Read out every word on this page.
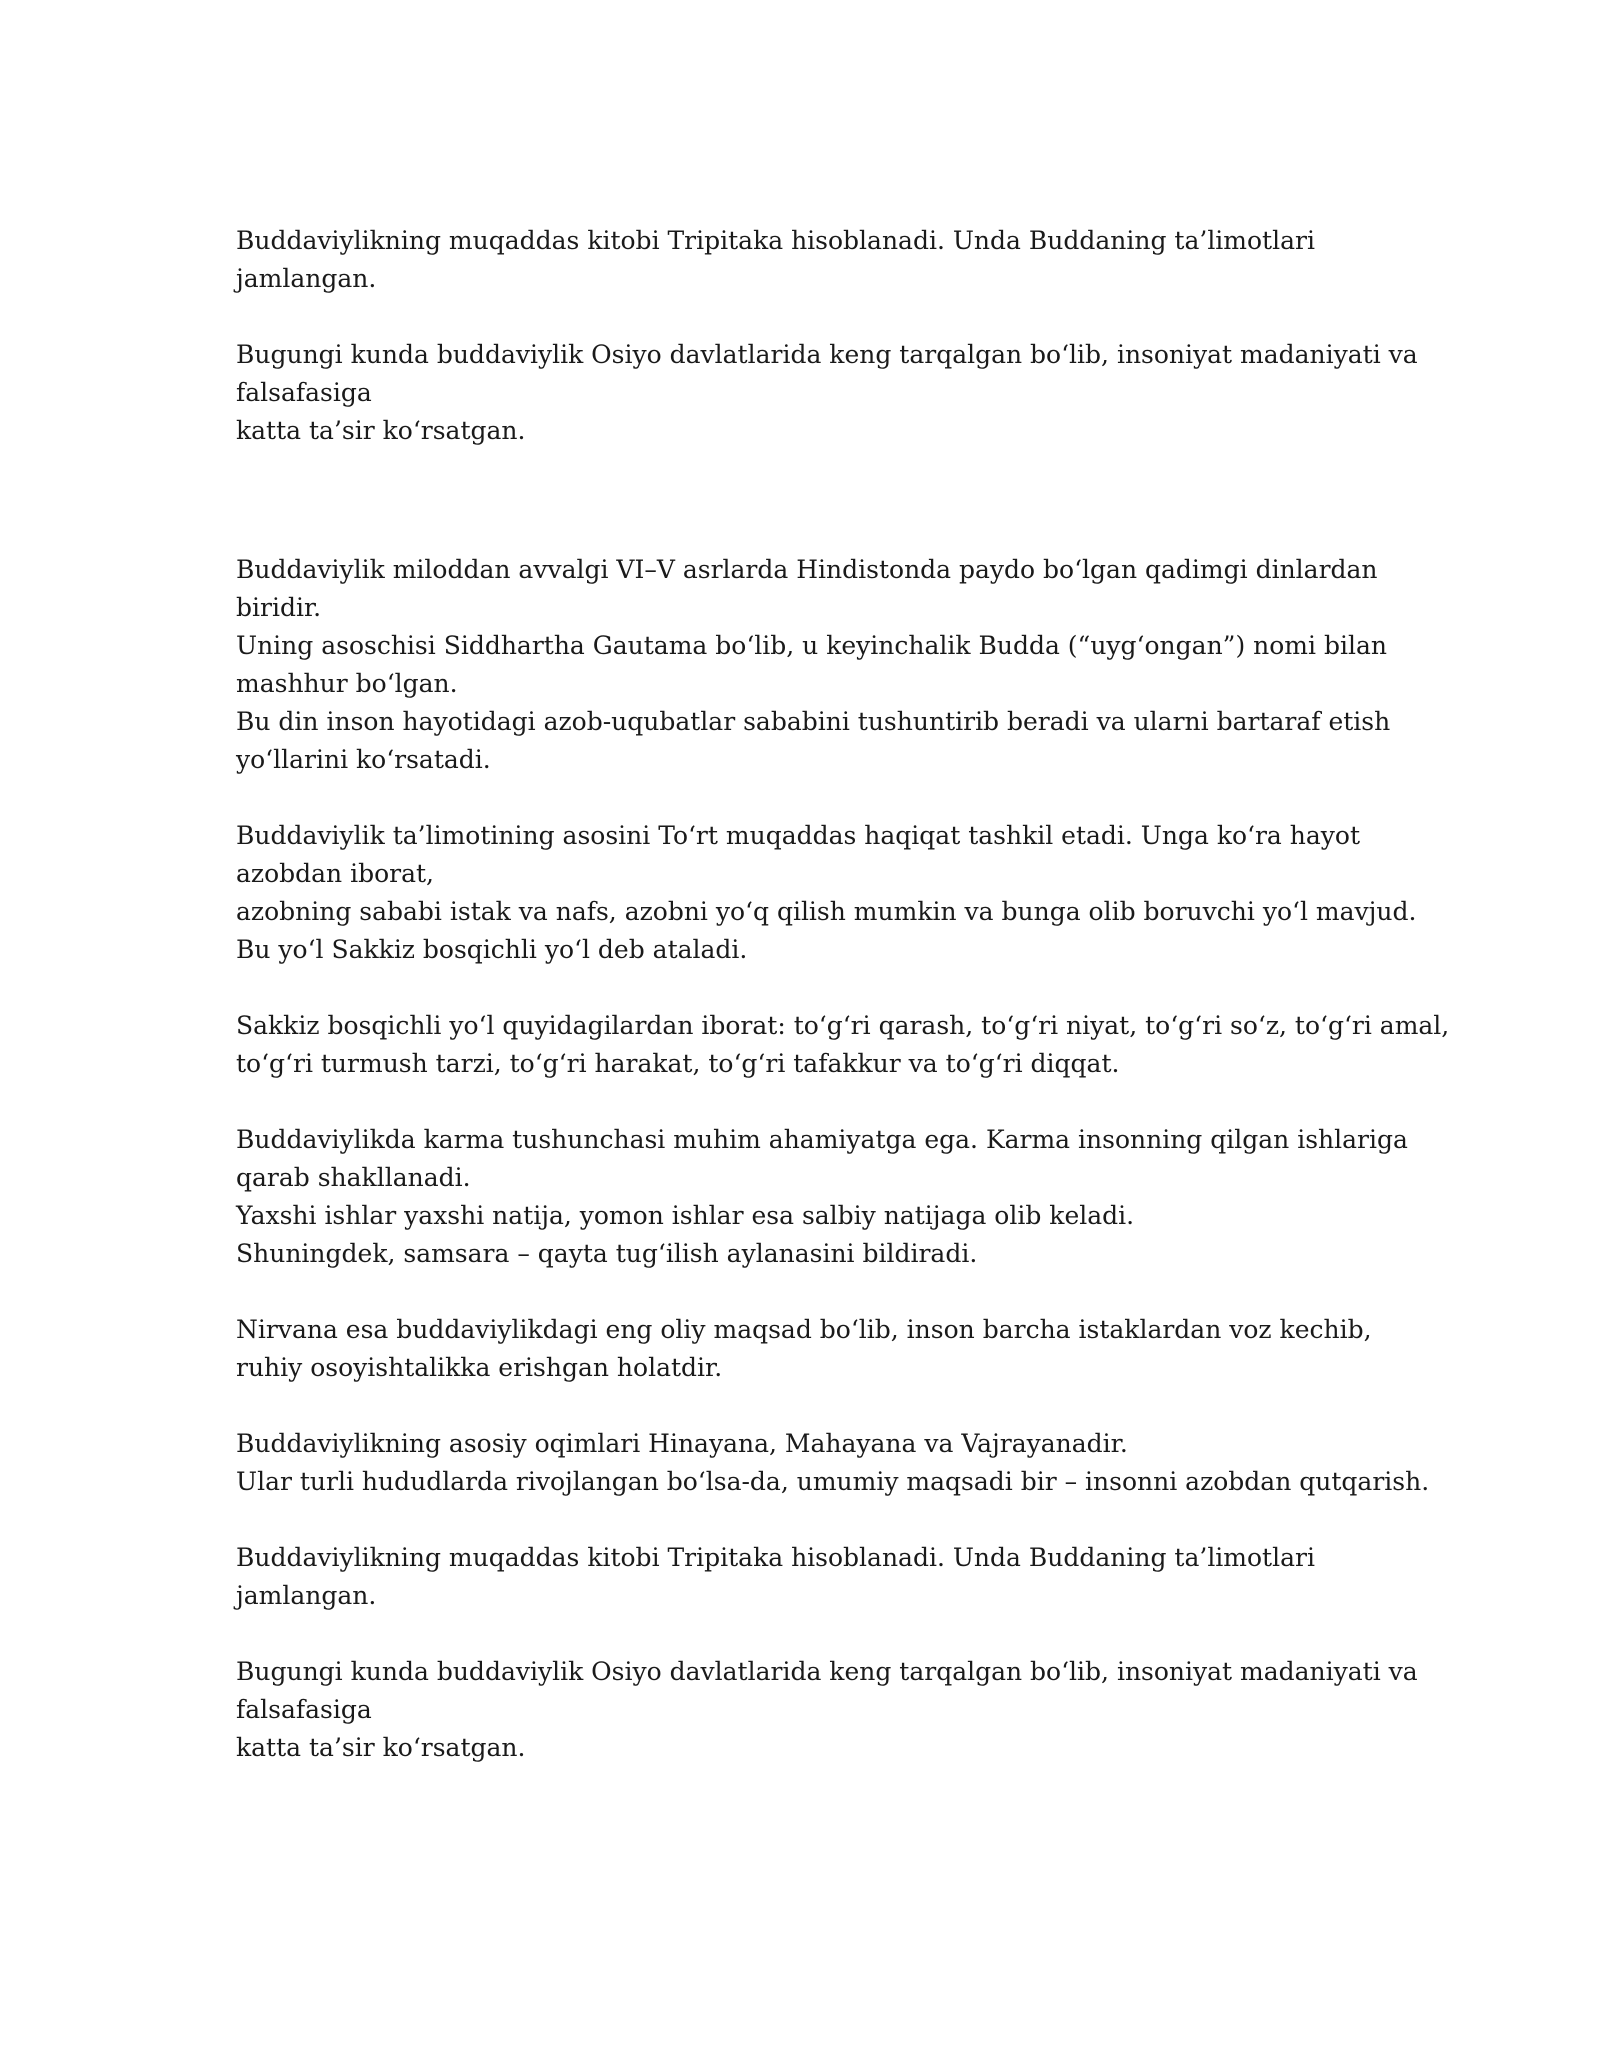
Buddaviylikning muqaddas kitobi Tripitaka hisoblanadi. Unda Buddaning ta’limotlari
jamlangan.

Bugungi kunda buddaviylik Osiyo davlatlarida keng tarqalgan bo‘lib, insoniyat madaniyati va
falsafasiga
katta ta’sir ko‘rsatgan.

Buddaviylik miloddan avvalgi VI–V asrlarda Hindistonda paydo bo‘lgan qadimgi dinlardan
biridir.
Uning asoschisi Siddhartha Gautama bo‘lib, u keyinchalik Budda (“uyg‘ongan”) nomi bilan
mashhur bo‘lgan.
Bu din inson hayotidagi azob-uqubatlar sababini tushuntirib beradi va ularni bartaraf etish
yo‘llarini ko‘rsatadi.

Buddaviylik ta’limotining asosini To‘rt muqaddas haqiqat tashkil etadi. Unga ko‘ra hayot
azobdan iborat,
azobning sababi istak va nafs, azobni yo‘q qilish mumkin va bunga olib boruvchi yo‘l mavjud.
Bu yo‘l Sakkiz bosqichli yo‘l deb ataladi.

Sakkiz bosqichli yo‘l quyidagilardan iborat: to‘g‘ri qarash, to‘g‘ri niyat, to‘g‘ri so‘z, to‘g‘ri amal,
to‘g‘ri turmush tarzi, to‘g‘ri harakat, to‘g‘ri tafakkur va to‘g‘ri diqqat.

Buddaviylikda karma tushunchasi muhim ahamiyatga ega. Karma insonning qilgan ishlariga
qarab shakllanadi.
Yaxshi ishlar yaxshi natija, yomon ishlar esa salbiy natijaga olib keladi.
Shuningdek, samsara – qayta tug‘ilish aylanasini bildiradi.

Nirvana esa buddaviylikdagi eng oliy maqsad bo‘lib, inson barcha istaklardan voz kechib,
ruhiy osoyishtalikka erishgan holatdir.

Buddaviylikning asosiy oqimlari Hinayana, Mahayana va Vajrayanadir.
Ular turli hududlarda rivojlangan bo‘lsa-da, umumiy maqsadi bir – insonni azobdan qutqarish.

Buddaviylikning muqaddas kitobi Tripitaka hisoblanadi. Unda Buddaning ta’limotlari
jamlangan.

Bugungi kunda buddaviylik Osiyo davlatlarida keng tarqalgan bo‘lib, insoniyat madaniyati va
falsafasiga
katta ta’sir ko‘rsatgan.
